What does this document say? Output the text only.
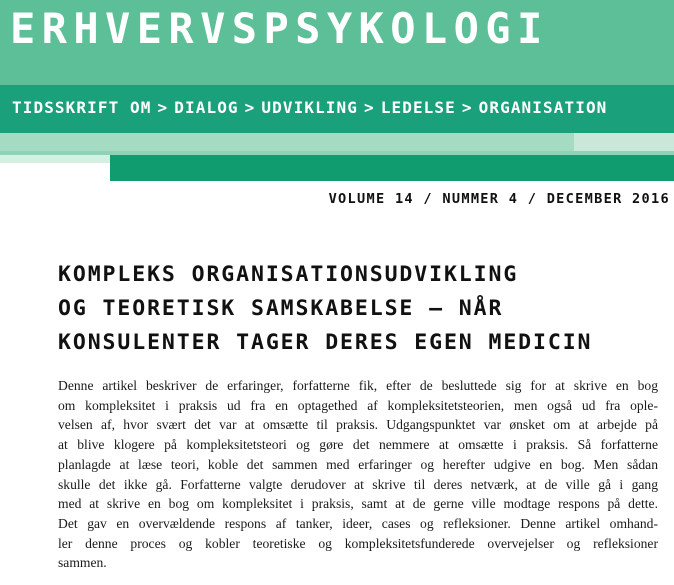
ERHVERVSPSYKOLOGI

TIDSSKRIFT OM > DIALOG > UDVIKLING > LEDELSE > ORGANISATION

VOLUME 14 / NUMMER 4 / DECEMBER 2016

KOMPLEKS ORGANISATIONSUDVIKLING
OG TEORETISK SAMSKABELSE – NÅR
KONSULENTER TAGER DERES EGEN MEDICIN
Denne artikel beskriver de erfaringer, forfatterne fik, efter de besluttede sig for at skrive en bog
om kompleksitet i praksis ud fra en optagethed af kompleksitetsteorien, men også ud fra ople-
velsen af, hvor svært det var at omsætte til praksis. Udgangspunktet var ønsket om at arbejde på
at blive klogere på kompleksitetsteori og gøre det nemmere at omsætte i praksis. Så forfatterne
planlagde at læse teori, koble det sammen med erfaringer og herefter udgive en bog. Men sådan
skulle det ikke gå. Forfatterne valgte derudover at skrive til deres netværk, at de ville gå i gang
med at skrive en bog om kompleksitet i praksis, samt at de gerne ville modtage respons på dette.
Det gav en overvældende respons af tanker, ideer, cases og refleksioner. Denne artikel omhand-
ler denne proces og kobler teoretiske og kompleksitetsfunderede overvejelser og refleksioner
sammen.
